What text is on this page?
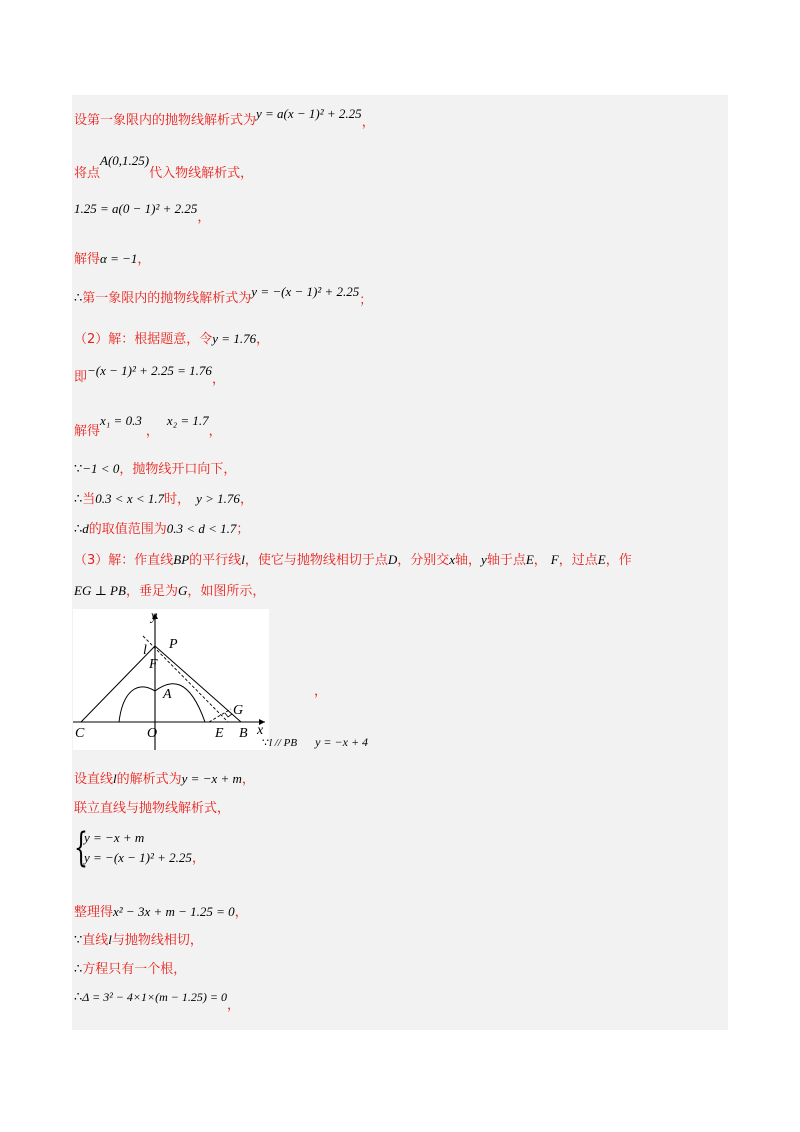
设第一象限内的抛物线解析式为y = a(x − 1)² + 2.25，
将点A(0,1.25)代入物线解析式，
1.25 = a(0 − 1)² + 2.25，
解得α = −1，
∴第一象限内的抛物线解析式为y = −(x − 1)² + 2.25；
（2）解：根据题意，令y = 1.76，
即−(x − 1)² + 2.25 = 1.76，
解得x₁ = 0.3，x₂ = 1.7，
∵−1 < 0，抛物线开口向下，
∴当0.3 < x < 1.7时， y > 1.76，
∴d的取值范围为0.3 < d < 1.7；
（3）解：作直线BP的平行线l，使它与抛物线相切于点D，分别交x轴，y轴于点E， F，过点E，作
EG ⊥ PB，垂足为G，如图所示，
y
P
l
F
A
G
C	O	E B x
，
∵l // PB y = −x + 4
设直线l的解析式为y = −x + m，
联立直线与抛物线解析式，
{
y = −x + m
y = −(x − 1)² + 2.25，
整理得x² − 3x + m − 1.25 = 0，
∵直线l与抛物线相切，
∴方程只有一个根，
∴Δ = 3² − 4×1×(m − 1.25) = 0，
